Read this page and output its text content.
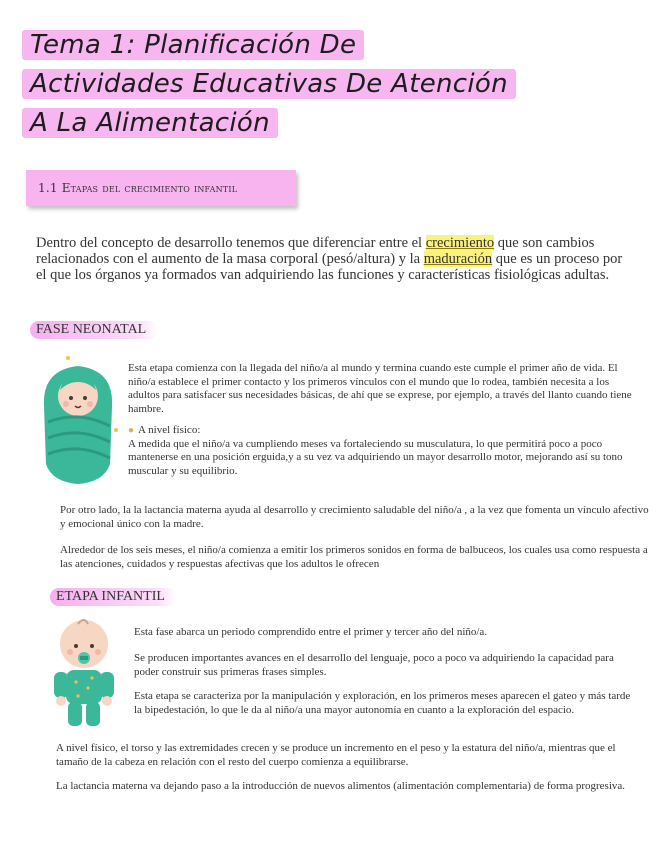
Tema 1: Planificación De
Actividades Educativas De Atención
A La Alimentación
1.1 Etapas del crecimiento infantil

Dentro del concepto de desarrollo tenemos que diferenciar entre el crecimiento que son cambios relacionados con el aumento de la masa corporal (pesó/altura) y la maduración que es un proceso por el que los órganos ya formados van adquiriendo las funciones y características fisiológicas adultas.

FASE NEONATAL

Esta etapa comienza con la llegada del niño/a al mundo y termina cuando este cumple el primer año de vida. El niño/a establece el primer contacto y los primeros vínculos con el mundo que lo rodea, también necesita a los adultos para satisfacer sus necesidades básicas, de ahí que se exprese, por ejemplo, a través del llanto cuando tiene hambre.

● A nivel físico:
A medida que el niño/a va cumpliendo meses va fortaleciendo su musculatura, lo que permitirá poco a poco mantenerse en una posición erguida,y a su vez va adquiriendo un mayor desarrollo motor, mejorando así su tono muscular y su equilibrio.

Por otro lado, la la lactancia materna ayuda al desarrollo y crecimiento saludable del niño/a , a la vez que fomenta un vínculo afectivo y emocional único con la madre.

Alrededor de los seis meses, el niño/a comienza a emitir los primeros sonidos en forma de balbuceos, los cuales usa como respuesta a las atenciones, cuidados y respuestas afectivas que los adultos le ofrecen

ETAPA INFANTIL

Esta fase abarca un periodo comprendido entre el primer y tercer año del niño/a.

Se producen importantes avances en el desarrollo del lenguaje, poco a poco va adquiriendo la capacidad para poder construir sus primeras frases simples.

Esta etapa se caracteriza por la manipulación y exploración, en los primeros meses aparecen el gateo y más tarde la bipedestación, lo que le da al niño/a una mayor autonomía en cuanto a la exploración del espacio.

A nivel físico, el torso y las extremidades crecen y se produce un incremento en el peso y la estatura del niño/a, mientras que el tamaño de la cabeza en relación con el resto del cuerpo comienza a equilibrarse.

La lactancia materna va dejando paso a la introducción de nuevos alimentos (alimentación complementaria) de forma progresiva.
